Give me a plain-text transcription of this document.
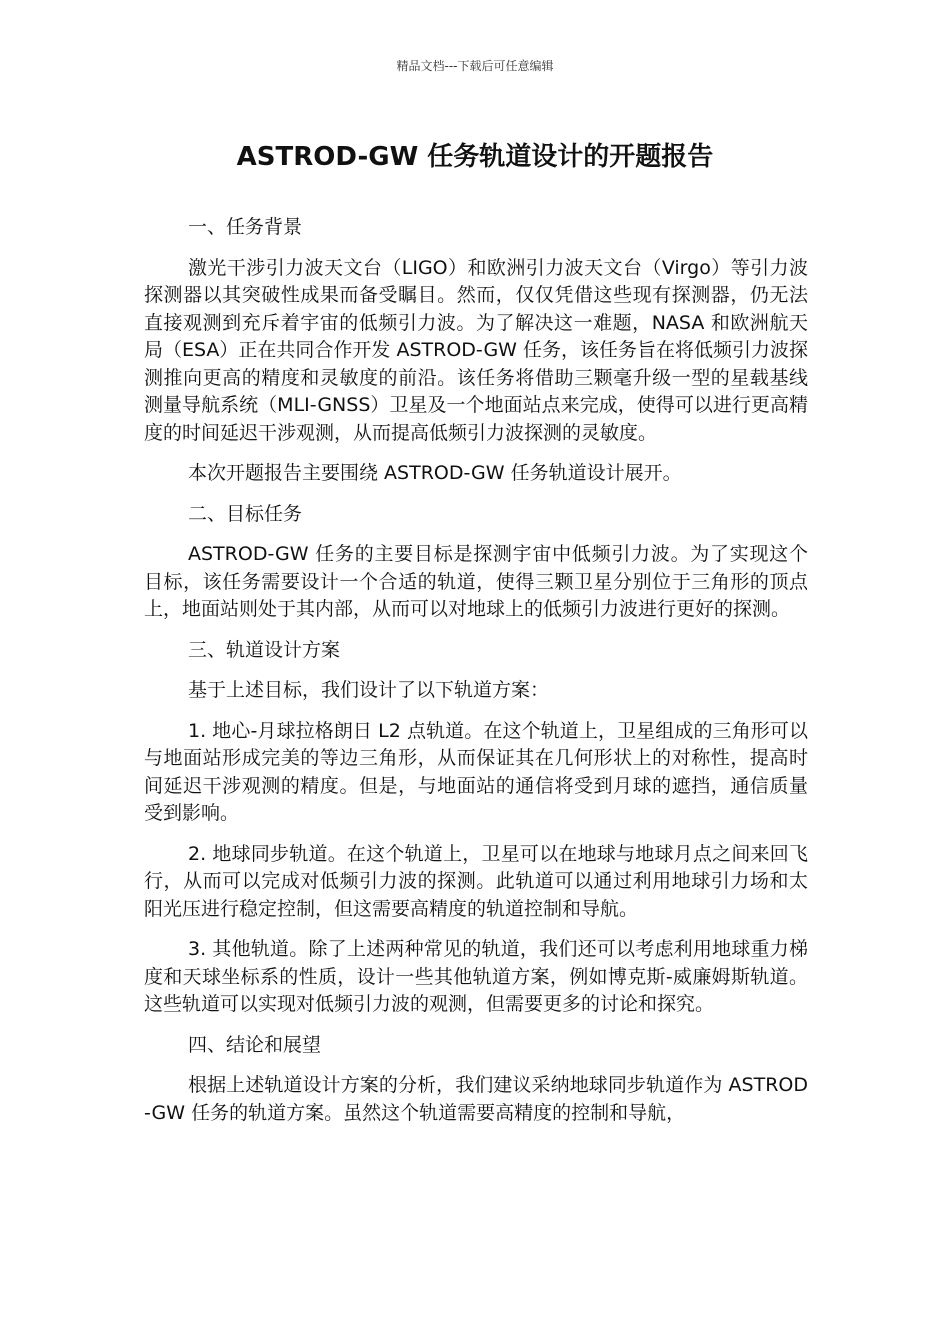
精品文档---下载后可任意编辑
ASTROD-GW 任务轨道设计的开题报告

一、任务背景

激光干涉引力波天文台（LIGO）和欧洲引力波天文台（Virgo）等引力波探测器以其突破性成果而备受瞩目。然而，仅仅凭借这些现有探测器，仍无法直接观测到充斥着宇宙的低频引力波。为了解决这一难题，NASA 和欧洲航天局（ESA）正在共同合作开发 ASTROD-GW 任务，该任务旨在将低频引力波探测推向更高的精度和灵敏度的前沿。该任务将借助三颗毫升级一型的星载基线测量导航系统（MLI-GNSS）卫星及一个地面站点来完成，使得可以进行更高精度的时间延迟干涉观测，从而提高低频引力波探测的灵敏度。

本次开题报告主要围绕 ASTROD-GW 任务轨道设计展开。

二、目标任务

ASTROD-GW 任务的主要目标是探测宇宙中低频引力波。为了实现这个目标，该任务需要设计一个合适的轨道，使得三颗卫星分别位于三角形的顶点上，地面站则处于其内部，从而可以对地球上的低频引力波进行更好的探测。

三、轨道设计方案

基于上述目标，我们设计了以下轨道方案：

1. 地心-月球拉格朗日 L2 点轨道。在这个轨道上，卫星组成的三角形可以与地面站形成完美的等边三角形，从而保证其在几何形状上的对称性，提高时间延迟干涉观测的精度。但是，与地面站的通信将受到月球的遮挡，通信质量受到影响。

2. 地球同步轨道。在这个轨道上，卫星可以在地球与地球月点之间来回飞行，从而可以完成对低频引力波的探测。此轨道可以通过利用地球引力场和太阳光压进行稳定控制，但这需要高精度的轨道控制和导航。

3. 其他轨道。除了上述两种常见的轨道，我们还可以考虑利用地球重力梯度和天球坐标系的性质，设计一些其他轨道方案，例如博克斯-威廉姆斯轨道。这些轨道可以实现对低频引力波的观测，但需要更多的讨论和探究。

四、结论和展望

根据上述轨道设计方案的分析，我们建议采纳地球同步轨道作为 ASTROD-GW 任务的轨道方案。虽然这个轨道需要高精度的控制和导航，
